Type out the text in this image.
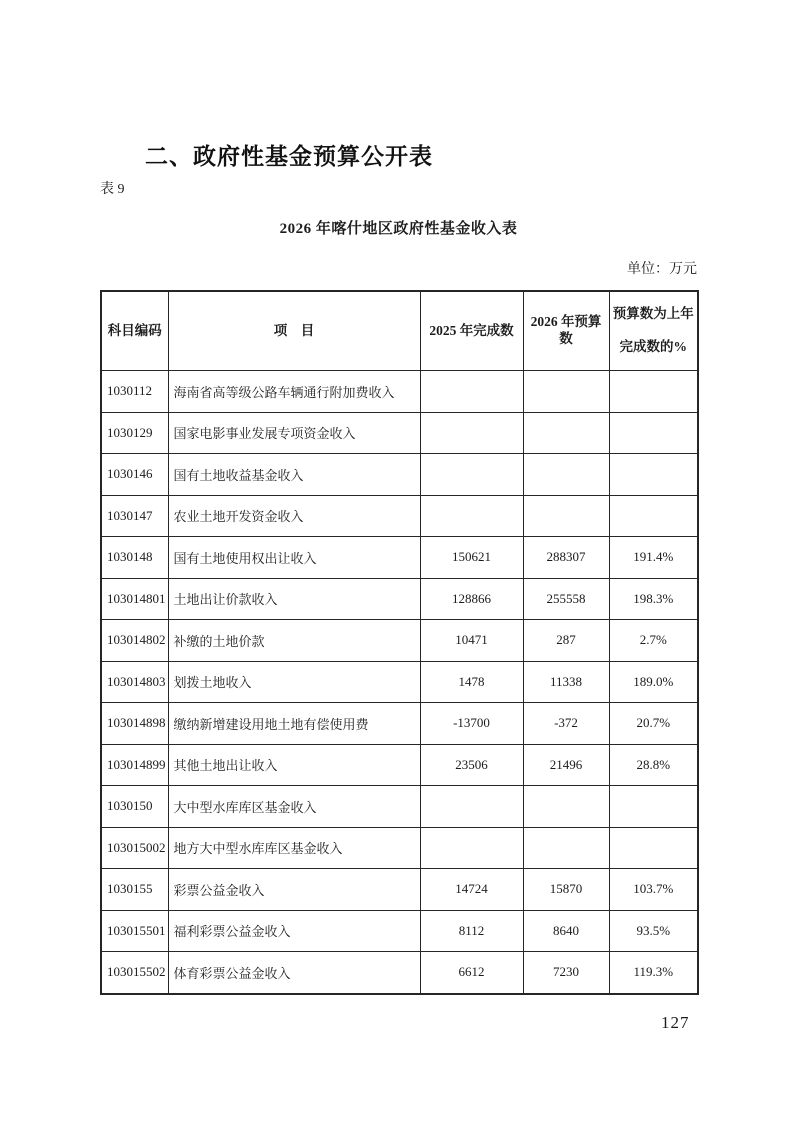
二、政府性基金预算公开表
表 9
2026 年喀什地区政府性基金收入表
单位：万元
科目编码	项　目	2025 年完成数	2026 年预算数	预算数为上年
完成数的%

1030112	海南省高等级公路车辆通行附加费收入			
1030129	国家电影事业发展专项资金收入			
1030146	国有土地收益基金收入			
1030147	农业土地开发资金收入			
1030148	国有土地使用权出让收入	150621	288307	191.4%
103014801	土地出让价款收入	128866	255558	198.3%
103014802	补缴的土地价款	10471	287	2.7%
103014803	划拨土地收入	1478	11338	189.0%
103014898	缴纳新增建设用地土地有偿使用费	-13700	-372	20.7%
103014899	其他土地出让收入	23506	21496	28.8%
1030150	大中型水库库区基金收入			
103015002	地方大中型水库库区基金收入			
1030155	彩票公益金收入	14724	15870	103.7%
103015501	福利彩票公益金收入	8112	8640	93.5%
103015502	体育彩票公益金收入	6612	7230	119.3%
127
